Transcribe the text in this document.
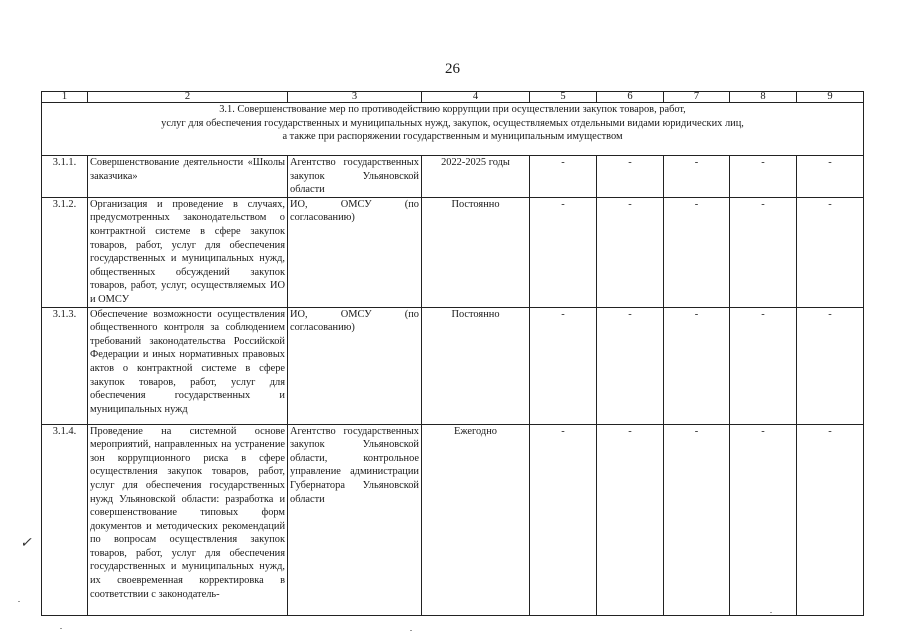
26
1	2	3	4	5	6	7	8	9

3.1. Совершенствование мер по противодействию коррупции при осуществлении закупок товаров, работ,
услуг для обеспечения государственных и муниципальных нужд, закупок, осуществляемых отдельными видами юридических лиц,
а также при распоряжении государственным и муниципальным имуществом								

3.1.1.	Совершенствование деятельности «Школы заказчика»	Агентство государственных закупок Ульяновской области	2022-2025 годы	-	-	-	-	-
3.1.2.	Организация и проведение в случаях, предусмотренных законодательством о контрактной системе в сфере закупок товаров, работ, услуг для обеспечения государственных и муниципальных нужд, общественных обсуждений закупок товаров, работ, услуг, осуществляемых ИО и ОМСУ	ИО, ОМСУ (по согласованию)	Постоянно	-	-	-	-	-
3.1.3.	Обеспечение возможности осуществления общественного контроля за соблюдением требований законодательства Российской Федерации и иных нормативных правовых актов о контрактной системе в сфере закупок товаров, работ, услуг для обеспечения государственных и муниципальных нужд	ИО, ОМСУ (по согласованию)	Постоянно	-	-	-	-	-
3.1.4.	Проведение на системной основе мероприятий, направленных на устранение зон коррупционного риска в сфере осуществления закупок товаров, работ, услуг для обеспечения государственных нужд Ульяновской области: разработка и совершенствование типовых форм документов и методических рекомендаций по вопросам осуществления закупок товаров, работ, услуг для обеспечения государственных и муниципальных нужд, их своевременная корректировка в соответствии с законодатель-	Агентство государственных закупок Ульяновской области, контрольное управление администрации Губернатора Ульяновской области	Ежегодно	-	-	-	-	-
✓
